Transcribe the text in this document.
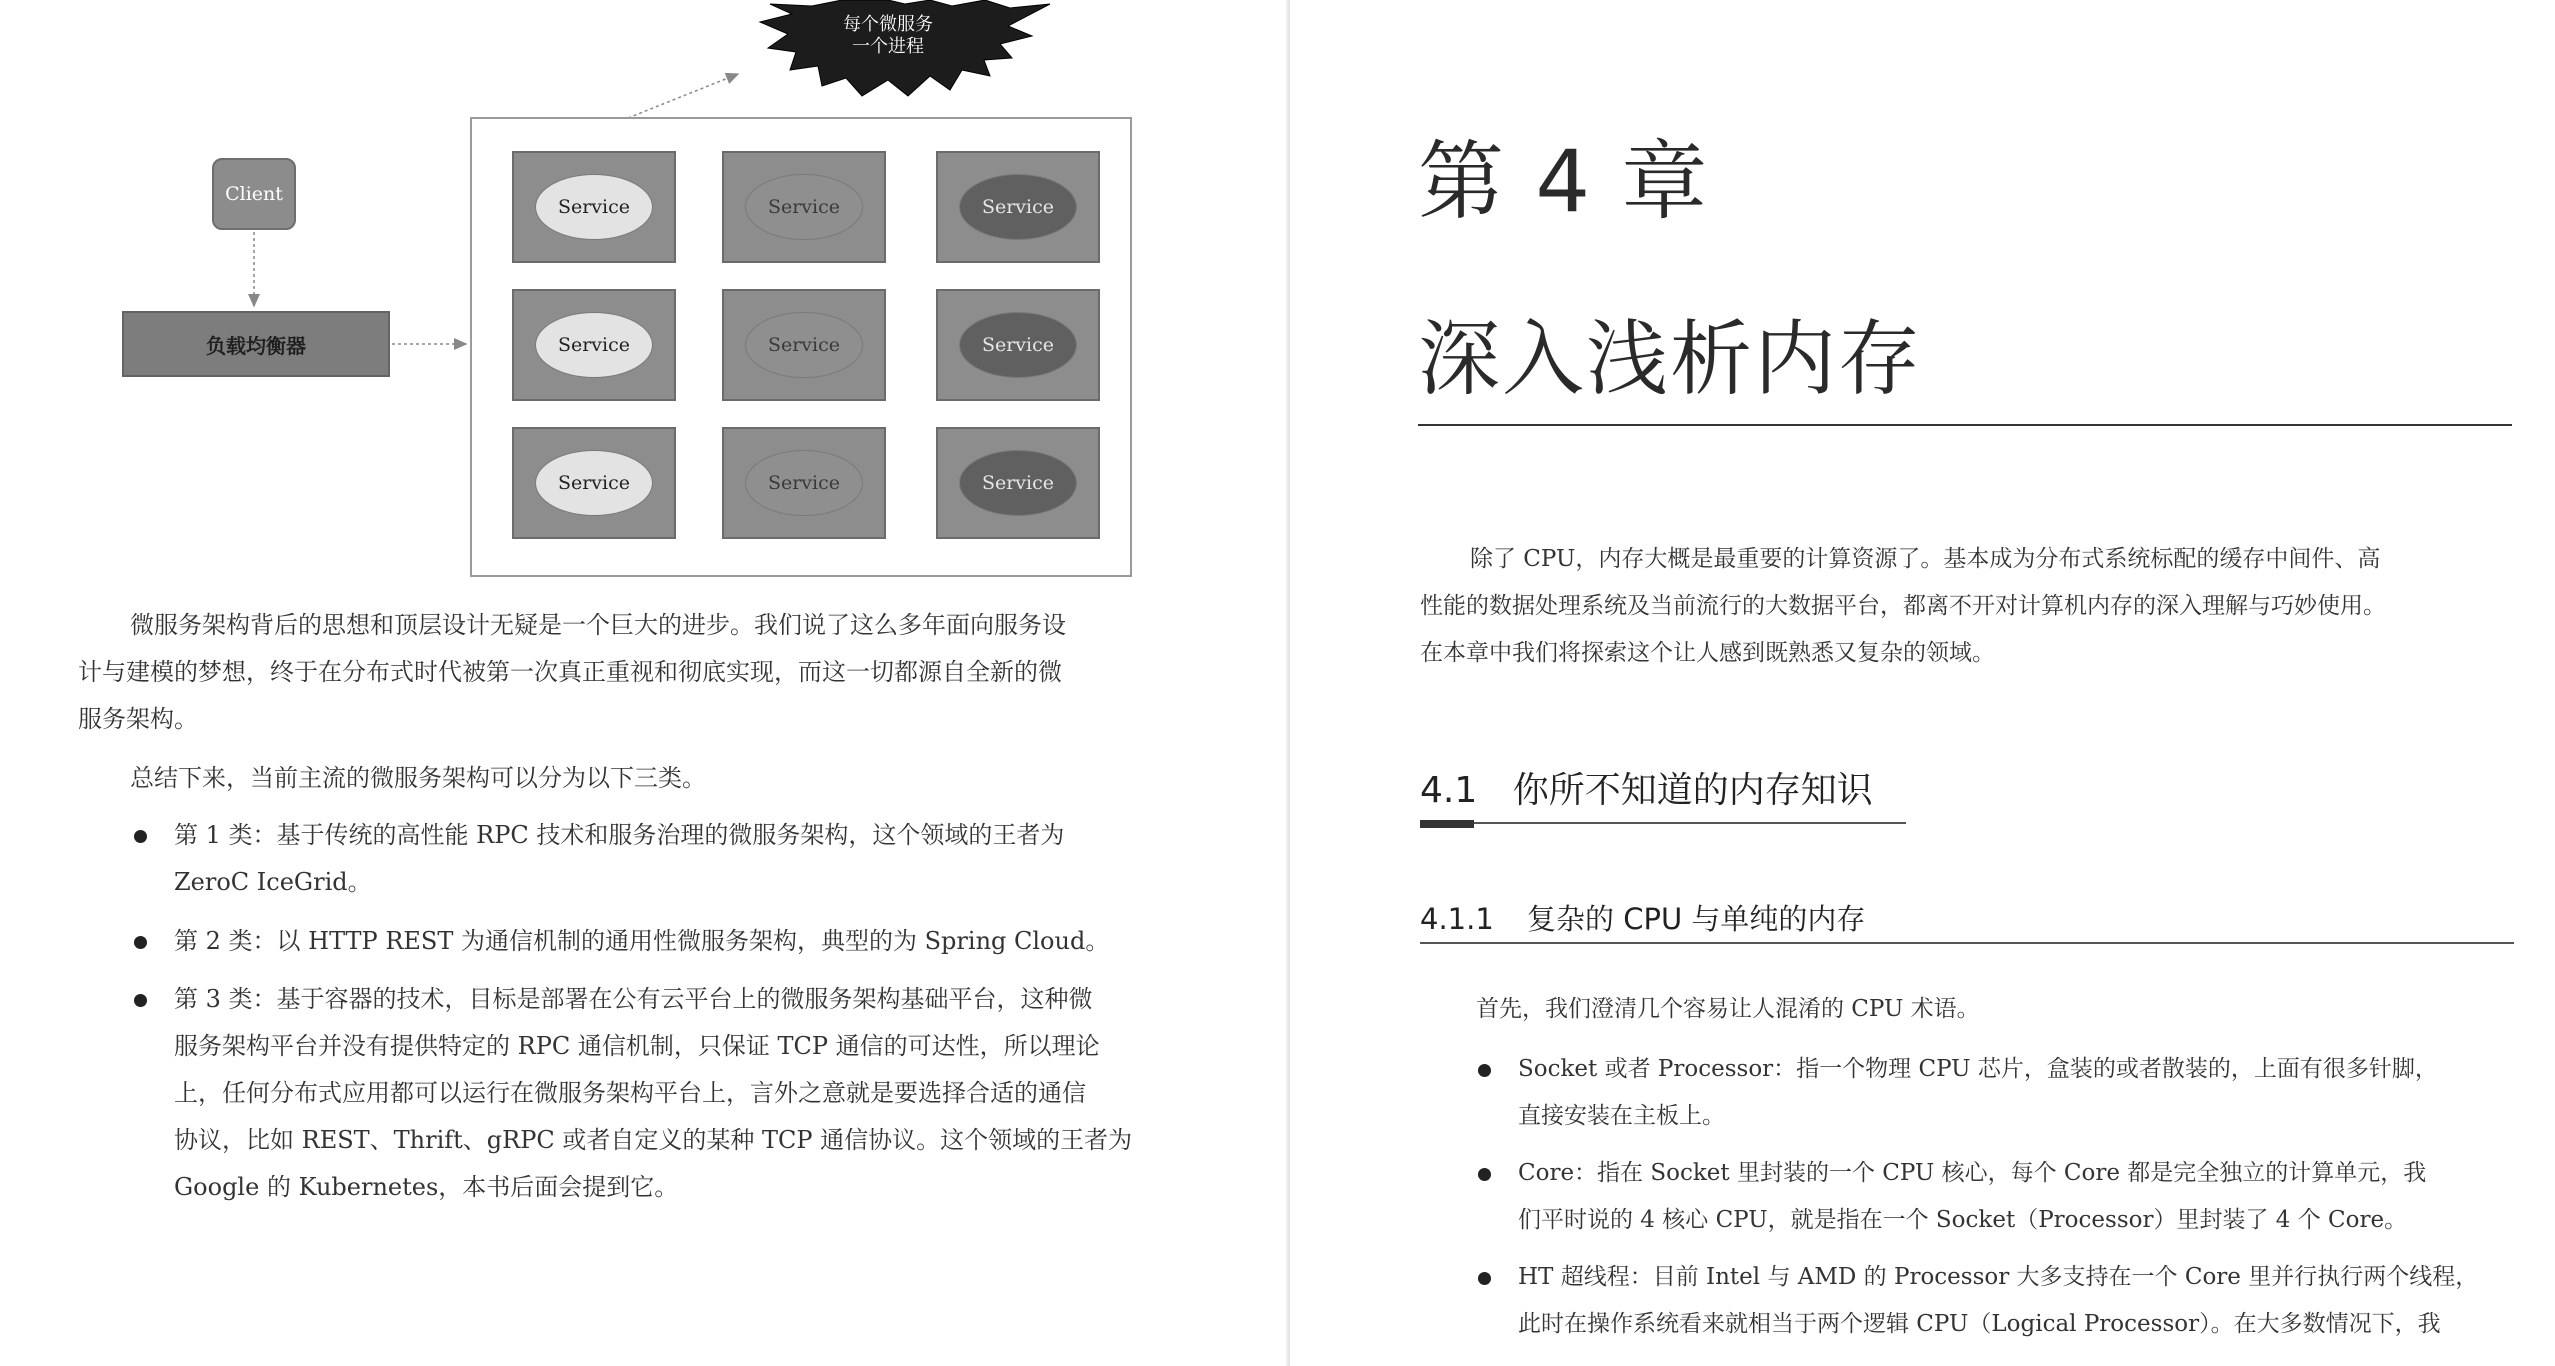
每个微服务
一个进程
Client
负载均衡器
Service	Service	Service
Service	Service	Service
Service	Service	Service
微服务架构背后的思想和顶层设计无疑是一个巨大的进步。我们说了这么多年面向服务设
计与建模的梦想，终于在分布式时代被第一次真正重视和彻底实现，而这一切都源自全新的微
服务架构。
总结下来，当前主流的微服务架构可以分为以下三类。
第 1 类：基于传统的高性能 RPC 技术和服务治理的微服务架构，这个领域的王者为
ZeroC IceGrid。
第 2 类：以 HTTP REST 为通信机制的通用性微服务架构，典型的为 Spring Cloud。
第 3 类：基于容器的技术，目标是部署在公有云平台上的微服务架构基础平台，这种微
服务架构平台并没有提供特定的 RPC 通信机制，只保证 TCP 通信的可达性，所以理论
上，任何分布式应用都可以运行在微服务架构平台上，言外之意就是要选择合适的通信
协议，比如 REST、Thrift、gRPC 或者自定义的某种 TCP 通信协议。这个领域的王者为
Google 的 Kubernetes，本书后面会提到它。
第 4 章
深入浅析内存
除了 CPU，内存大概是最重要的计算资源了。基本成为分布式系统标配的缓存中间件、高
性能的数据处理系统及当前流行的大数据平台，都离不开对计算机内存的深入理解与巧妙使用。
在本章中我们将探索这个让人感到既熟悉又复杂的领域。
4.1 你所不知道的内存知识
4.1.1 复杂的 CPU 与单纯的内存
首先，我们澄清几个容易让人混淆的 CPU 术语。
Socket 或者 Processor：指一个物理 CPU 芯片，盒装的或者散装的，上面有很多针脚，
直接安装在主板上。
Core：指在 Socket 里封装的一个 CPU 核心，每个 Core 都是完全独立的计算单元，我
们平时说的 4 核心 CPU，就是指在一个 Socket（Processor）里封装了 4 个 Core。
HT 超线程：目前 Intel 与 AMD 的 Processor 大多支持在一个 Core 里并行执行两个线程，
此时在操作系统看来就相当于两个逻辑 CPU（Logical Processor）。在大多数情况下，我
